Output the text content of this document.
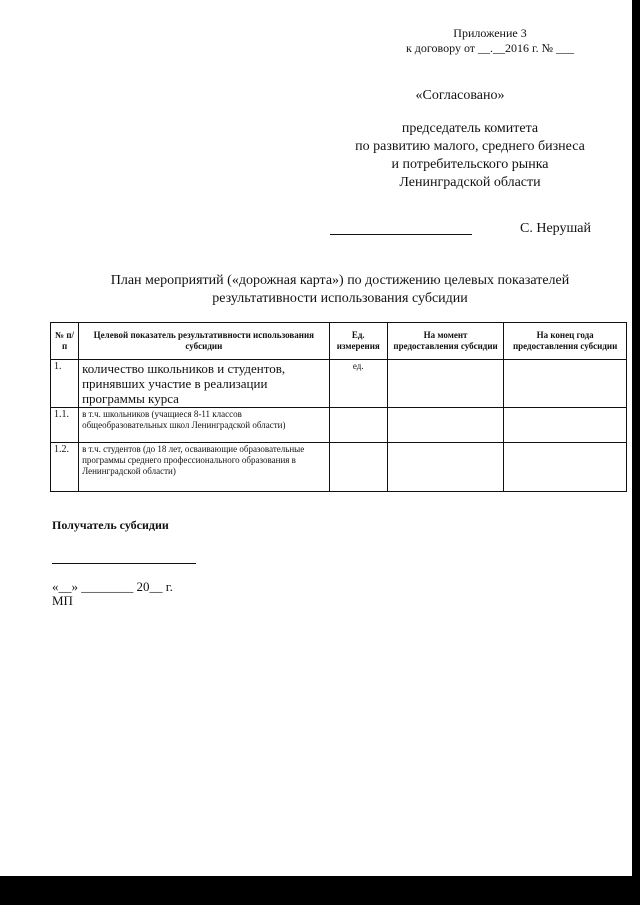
Приложение 3
к договору от __.__2016 г. № ___
«Согласовано»
председатель комитета
по развитию малого, среднего бизнеса
и потребительского рынка
Ленинградской области
С. Нерушай
План мероприятий («дорожная карта») по достижению целевых показателей
результативности использования субсидии
№ п/п	Целевой показатель результативности использования субсидии	Ед. измерения	На момент предоставления субсидии	На конец года предоставления субсидии
1.	количество школьников и студентов, принявших участие в реализации программы курса	ед.		
1.1.	в т.ч. школьников (учащиеся 8-11 классов общеобразовательных школ Ленинградской области)			
1.2.	в т.ч. студентов (до 18 лет, осваивающие образовательные программы среднего профессионального образования в Ленинградской области)			
Получатель субсидии
«__» ________ 20__ г.
МП
